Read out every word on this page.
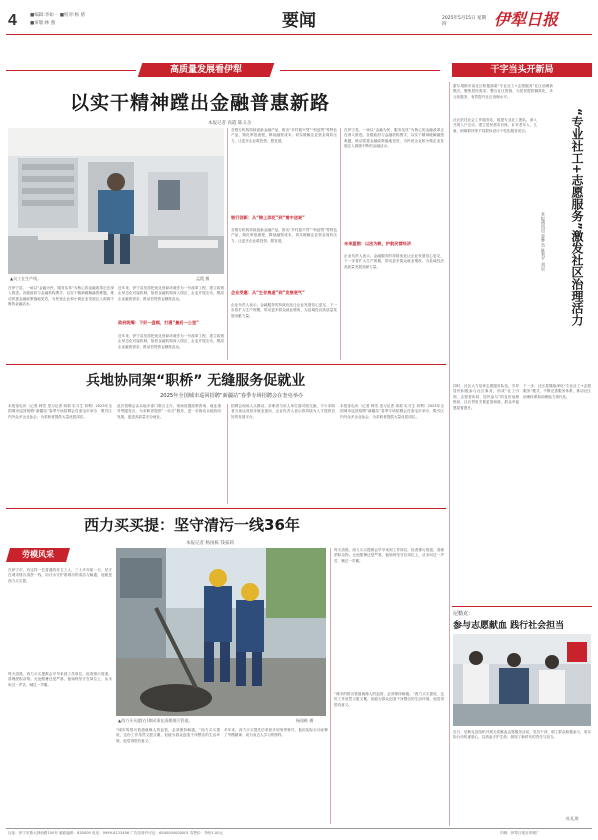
4	■编辑:李如一 ■校对:杨 倩
■审版:林 燕	要闻	2025年5月15日 星期四	伊犁日报
高质量发展看伊犁	干字当头开新局
以实干精神蹚出金融普惠新路
本报记者 高霞 陈义舍
▲员工在生产线。	孟霞 摄
在伊宁县，一场以“金融为民、服务实体”为核心的金融改革正在深入推进。各级政府与金融机构携手，以实干精神破解融资难题，推动普惠金融政策落地见效，为民营企业和小微企业发展注入源源不断的金融活水。
近年来，伊宁县坚持把优化营商环境作为一号改革工程，建立政银企常态化对接机制，组织金融机构深入园区、企业开展走访，摸清企业融资需求，推动信贷资金精准直达。
政府统筹：下好一盘棋，打通“最后一公里”
近年来，伊宁县坚持把优化营商环境作为一号改革工程，建立政银企常态化对接机制，组织金融机构深入园区、企业开展走访，摸清企业融资需求，推动信贷资金精准直达。
各银行机构持续创新金融产品，推出“乡村振兴贷”“科创贷”等特色产品，简化审批流程，降低融资成本，切实缓解企业资金周转压力，让更多企业敢投资、愿发展。
银行创新：从“锦上添花”到“雪中送炭”
各银行机构持续创新金融产品，推出“乡村振兴贷”“科创贷”等特色产品，简化审批流程，降低融资成本，切实缓解企业资金周转压力，让更多企业敢投资、愿发展。
企业受惠：从“生存焦虑”到“发展底气”
企业负责人表示，金融服务的持续优化让企业发展信心更足，下一步将扩大生产规模，带动更多群众就业增收，为县域经济高质量发展贡献力量。
在伊宁县，一场以“金融为民、服务实体”为核心的金融改革正在深入推进。各级政府与金融机构携手，以实干精神破解融资难题，推动普惠金融政策落地见效，为民营企业和小微企业发展注入源源不断的金融活水。
未来蓝图：以法为帆，护航民营经济
企业负责人表示，金融服务的持续优化让企业发展信心更足，下一步将扩大生产规模，带动更多群众就业增收，为县域经济高质量发展贡献力量。
兵地协同架“职桥” 无缝服务促就业
2025年全国城市巡回招聘“新疆站”春季专场招聘会在奎屯举办
本报奎屯讯（记者 韩雪 见习记者 周莉 实习生 刘利）2025年全国城市巡回招聘“新疆站”春季专场招聘会在奎屯市举办，吸引区内外众多企业参会，为求职者提供大量优质岗位。
此次招聘会由兵地多部门联合主办，现场设置政策咨询、就业指导等服务区，为求职者提供“一站式”服务，进一步推动兵地协同发展，促进高质量充分就业。
招聘会现场人头攒动，求职者与用人单位面对面交流，不少求职者当场达成初步就业意向，企业负责人表示将持续为人才提供良好的发展平台。
本报奎屯讯（记者 韩雪 见习记者 周莉 实习生 刘利）2025年全国城市巡回招聘“新疆站”春季专场招聘会在奎屯市举办，吸引区内外众多企业参会，为求职者提供大量优质岗位。
西力买买提：坚守清污一线36年
本报记者 杨国栋 钱家莉
劳模风采
在伊宁市，有这样一位普通的环卫工人，三十多年如一日，坚守在城市排污清淤一线，用汗水守护着城市的清洁与畅通，他就是西力买买提。
每天清晨，西力买买提都会早早来到工作岗位，检查排污管道，清理淤积杂物。无论酷暑还是严寒，他始终坚守在岗位上，从未叫过一声苦、喊过一声累。
▲西力买买提(右)和同事在清理排污管道。	杨国栋 摄
“城市的排污管道就像人的血管，必须保持畅通。”西力买买提说，这份工作虽然又脏又累，但能为群众创造干净整洁的生活环境，他觉得很有意义。
多年来，西力买买提先后荣获多项荣誉称号，他用实际行动诠释了劳模精神，成为身边人学习的榜样。
每天清晨，西力买买提都会早早来到工作岗位，检查排污管道，清理淤积杂物。无论酷暑还是严寒，他始终坚守在岗位上，从未叫过一声苦、喊过一声累。
“城市的排污管道就像人的血管，必须保持畅通。”西力买买提说，这份工作虽然又脏又累，但能为群众创造干净整洁的生活环境，他觉得很有意义。
霍尔果斯市某社区积极探索“专业社工+志愿服务”社区治理新模式，聚焦居民需求，整合社区资源，为居民提供精准化、多元化服务，有效提升社区治理水平。
“专业社工+志愿服务”激发社区治理活力
本报通讯员 蒙梦杰 陈利平 刘辰
社区依托社会工作服务站，组建专业社工团队，深入开展入户走访，建立居民需求台账，针对老年人、儿童、困难群体等不同群体设计个性化服务项目。
同时，社区大力培育志愿服务队伍，引导居民积极参与社区事务，形成“社工引领、志愿者协同、居民参与”的良好治理格局，社区邻里关系更加和谐，群众幸福感显著提升。
下一步，社区将继续深化“专业社工+志愿服务”模式，不断完善服务体系，推动社区治理体系和治理能力现代化。
尼勒克：
参与志愿献血 践行社会担当
近日，尼勒克县组织开展无偿献血志愿服务活动，党员干部、职工群众积极参与，用实际行动传递爱心，以热血守护生命，展现了新时代的责任与担当。
杜礼琪
社址：伊宁市斯大林西路100号 邮政编码：835000 电话：0999-8123456 广告经营许可证：6540004000001 零售价：每份1.00元	印刷：伊犁日报社印刷厂
